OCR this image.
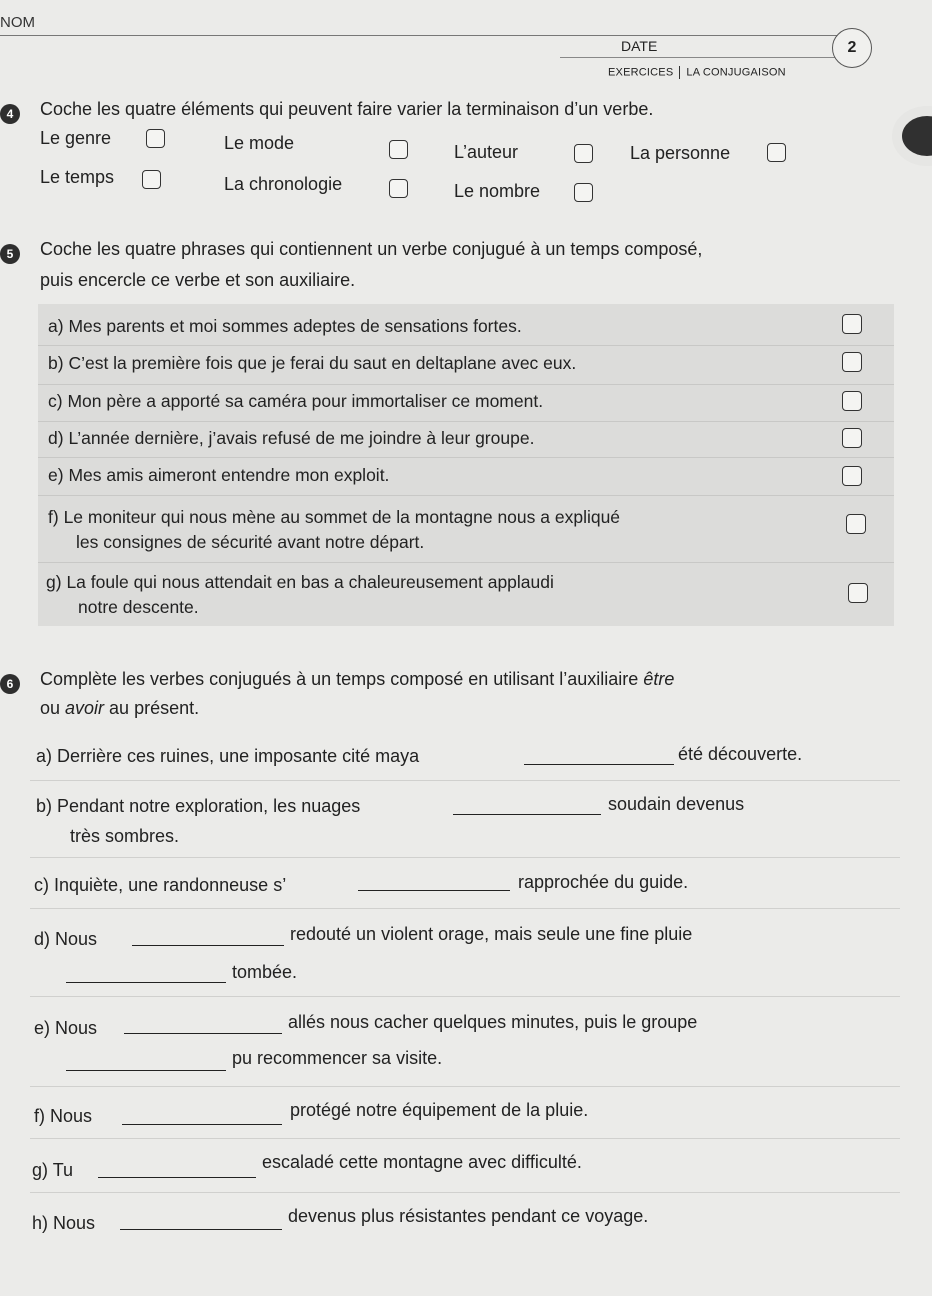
NOM
DATE	2
EXERCICES LA CONJUGAISON
4	Coche les quatre éléments qui peuvent faire varier la terminaison d’un verbe.
Le genre	Le mode	L’auteur	La personne
Le temps	La chronologie	Le nombre
5	Coche les quatre phrases qui contiennent un verbe conjugué à un temps composé,
puis encercle ce verbe et son auxiliaire.
a) Mes parents et moi sommes adeptes de sensations fortes.
b) C’est la première fois que je ferai du saut en deltaplane avec eux.
c) Mon père a apporté sa caméra pour immortaliser ce moment.
d) L’année dernière, j’avais refusé de me joindre à leur groupe.
e) Mes amis aimeront entendre mon exploit.
f) Le moniteur qui nous mène au sommet de la montagne nous a expliqué
les consignes de sécurité avant notre départ.
g) La foule qui nous attendait en bas a chaleureusement applaudi
notre descente.
6	Complète les verbes conjugués à un temps composé en utilisant l’auxiliaire être
ou avoir au présent.
a) Derrière ces ruines, une imposante cité maya	été découverte.
b) Pendant notre exploration, les nuages	soudain devenus
très sombres.
c) Inquiète, une randonneuse s’	rapprochée du guide.
d) Nous	redouté un violent orage, mais seule une fine pluie
tombée.
e) Nous	allés nous cacher quelques minutes, puis le groupe
pu recommencer sa visite.
f) Nous	protégé notre équipement de la pluie.
g) Tu	escaladé cette montagne avec difficulté.
h) Nous	devenus plus résistantes pendant ce voyage.
